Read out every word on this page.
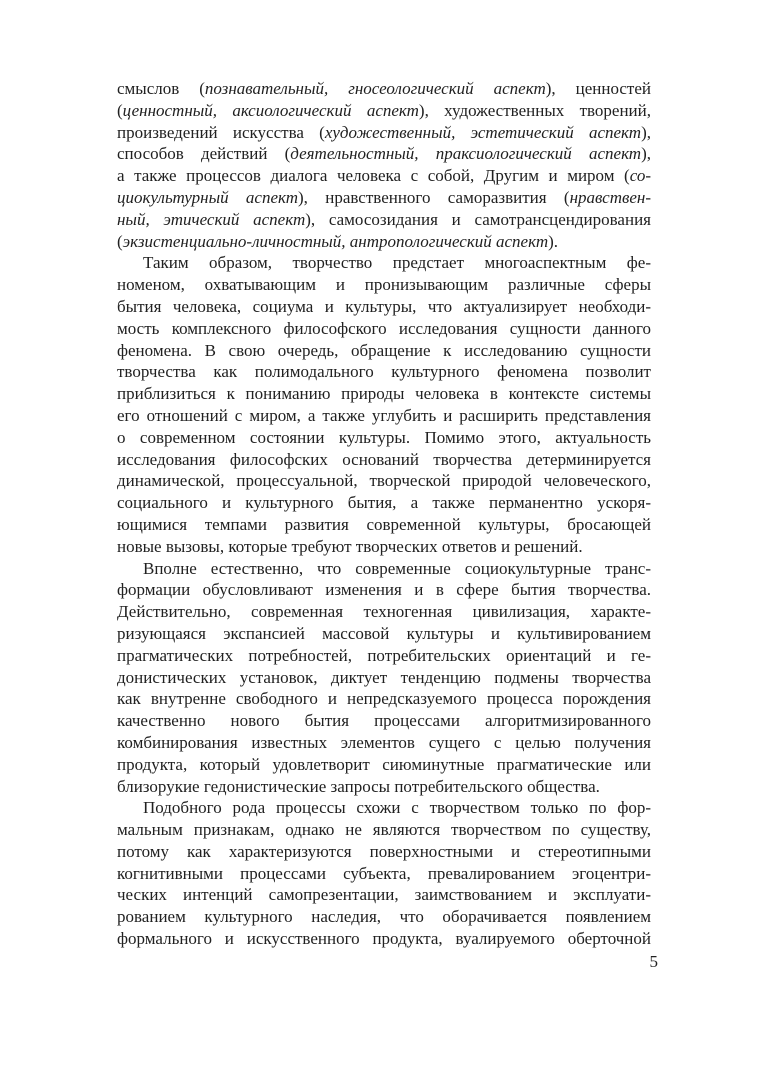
смыслов (познавательный, гносеологический аспект), ценностей
(ценностный, аксиологический аспект), художественных творений,
произведений искусства (художественный, эстетический аспект),
способов действий (деятельностный, праксиологический аспект),
а также процессов диалога человека с собой, Другим и миром (со-
циокультурный аспект), нравственного саморазвития (нравствен-
ный, этический аспект), самосозидания и самотрансцендирования
(экзистенциально-личностный, антропологический аспект).
Таким образом, творчество предстает многоаспектным фе-
номеном, охватывающим и пронизывающим различные сферы
бытия человека, социума и культуры, что актуализирует необходи-
мость комплексного философского исследования сущности данного
феномена. В свою очередь, обращение к исследованию сущности
творчества как полимодального культурного феномена позволит
приблизиться к пониманию природы человека в контексте системы
его отношений с миром, а также углубить и расширить представления
о современном состоянии культуры. Помимо этого, актуальность
исследования философских оснований творчества детерминируется
динамической, процессуальной, творческой природой человеческого,
социального и культурного бытия, а также перманентно ускоря-
ющимися темпами развития современной культуры, бросающей
новые вызовы, которые требуют творческих ответов и решений.
Вполне естественно, что современные социокультурные транс-
формации обусловливают изменения и в сфере бытия творчества.
Действительно, современная техногенная цивилизация, характе-
ризующаяся экспансией массовой культуры и культивированием
прагматических потребностей, потребительских ориентаций и ге-
донистических установок, диктует тенденцию подмены творчества
как внутренне свободного и непредсказуемого процесса порождения
качественно нового бытия процессами алгоритмизированного
комбинирования известных элементов сущего с целью получения
продукта, который удовлетворит сиюминутные прагматические или
близорукие гедонистические запросы потребительского общества.
Подобного рода процессы схожи с творчеством только по фор-
мальным признакам, однако не являются творчеством по существу,
потому как характеризуются поверхностными и стереотипными
когнитивными процессами субъекта, превалированием эгоцентри-
ческих интенций самопрезентации, заимствованием и эксплуати-
рованием культурного наследия, что оборачивается появлением
формального и искусственного продукта, вуалируемого оберточной
5
